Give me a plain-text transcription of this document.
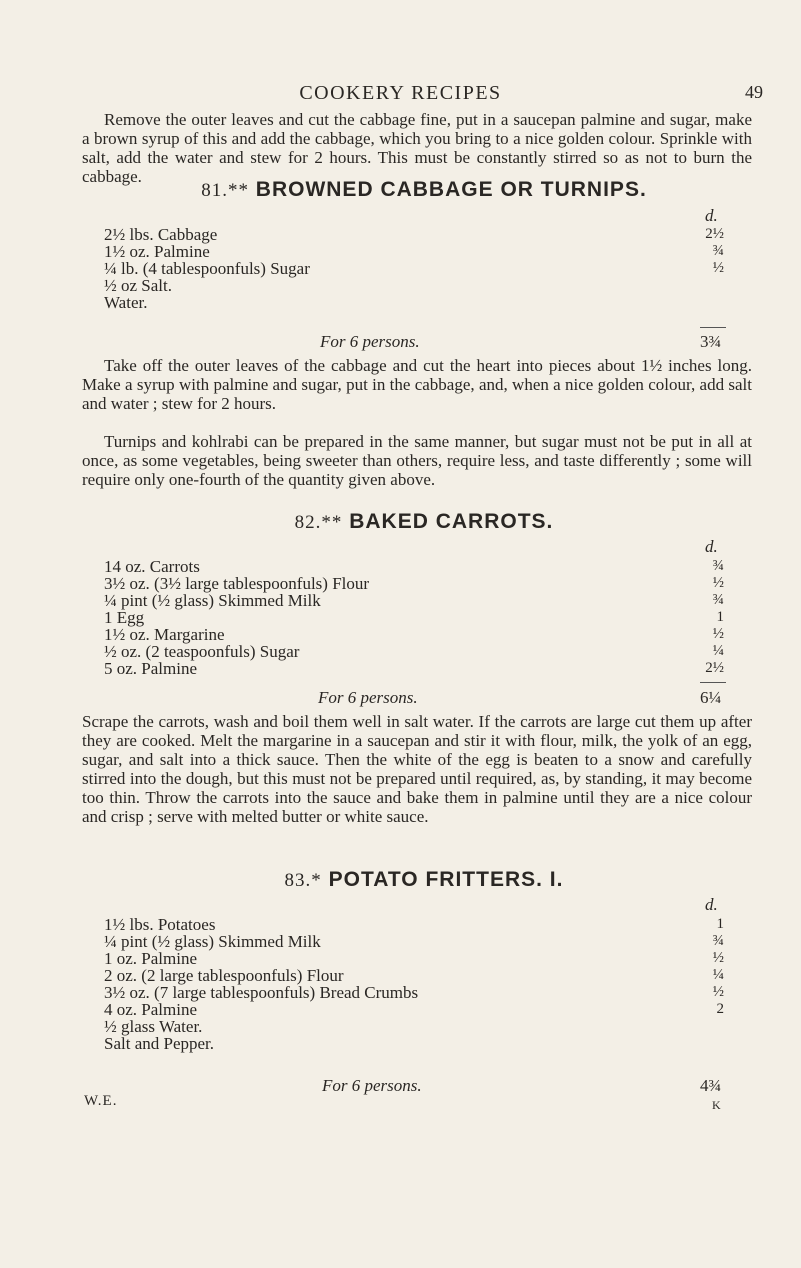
COOKERY RECIPES	49

Remove the outer leaves and cut the cabbage fine, put in a saucepan palmine and sugar, make a brown syrup of this and add the cabbage, which you bring to a nice golden colour. Sprinkle with salt, add the water and stew for 2 hours. This must be constantly stirred so as not to burn the cabbage.

81.** BROWNED CABBAGE OR TURNIPS.
d.
2½ lbs. Cabbage	2½
1½ oz. Palmine	¾
¼ lb. (4 tablespoonfuls) Sugar	½
½ oz Salt.
Water.
For 6 persons.	3¾

Take off the outer leaves of the cabbage and cut the heart into pieces about 1½ inches long. Make a syrup with palmine and sugar, put in the cabbage, and, when a nice golden colour, add salt and water ; stew for 2 hours.

Turnips and kohlrabi can be prepared in the same manner, but sugar must not be put in all at once, as some vegetables, being sweeter than others, require less, and taste differently ; some will require only one-fourth of the quantity given above.

82.** BAKED CARROTS.
d.
14 oz. Carrots	¾
3½ oz. (3½ large tablespoonfuls) Flour	½
¼ pint (½ glass) Skimmed Milk	¾
1 Egg	1
1½ oz. Margarine	½
½ oz. (2 teaspoonfuls) Sugar	¼
5 oz. Palmine	2½
For 6 persons.	6¼

Scrape the carrots, wash and boil them well in salt water. If the carrots are large cut them up after they are cooked. Melt the margarine in a saucepan and stir it with flour, milk, the yolk of an egg, sugar, and salt into a thick sauce. Then the white of the egg is beaten to a snow and carefully stirred into the dough, but this must not be prepared until required, as, by standing, it may become too thin. Throw the carrots into the sauce and bake them in palmine until they are a nice colour and crisp ; serve with melted butter or white sauce.

83.* POTATO FRITTERS. I.
d.
1½ lbs. Potatoes	1
¼ pint (½ glass) Skimmed Milk	¾
1 oz. Palmine	½
2 oz. (2 large tablespoonfuls) Flour	¼
3½ oz. (7 large tablespoonfuls) Bread Crumbs	½
4 oz. Palmine	2
½ glass Water.
Salt and Pepper.
For 6 persons.	4¾
W.E.	K
